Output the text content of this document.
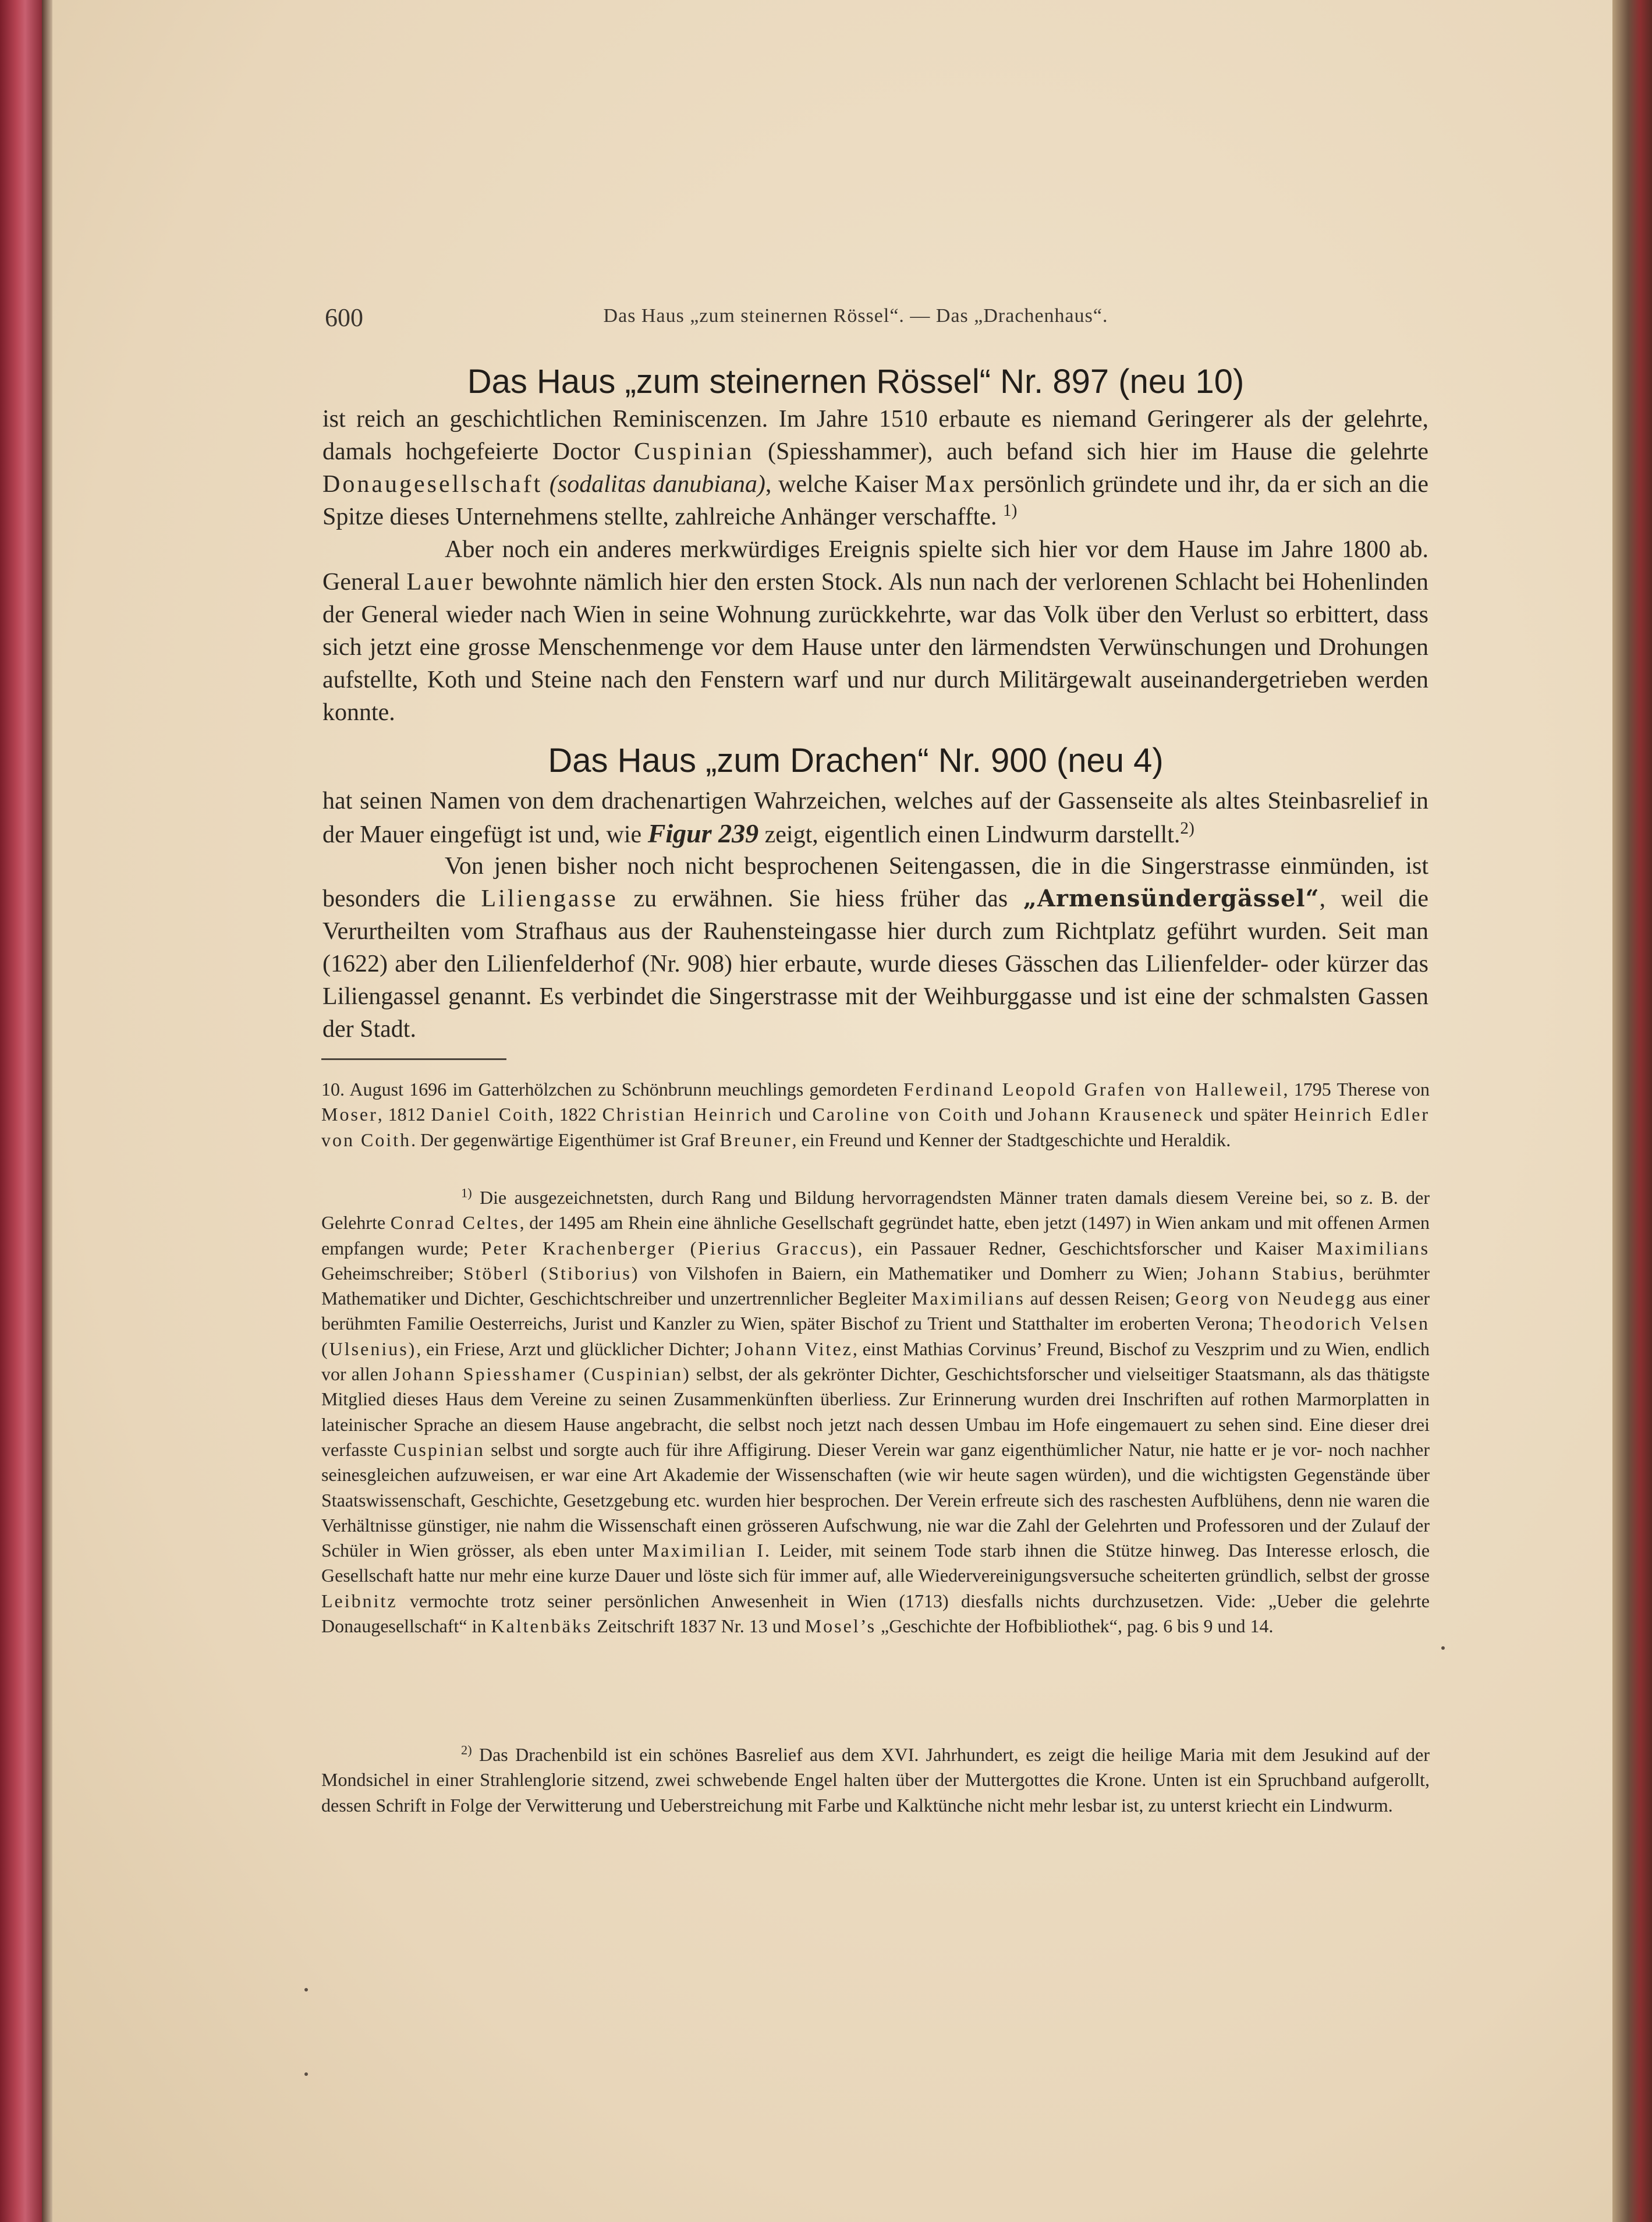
600	Das Haus „zum steinernen Rössel“. — Das „Drachenhaus“.
Das Haus „zum steinernen Rössel“ Nr. 897 (neu 10)

ist reich an geschichtlichen Reminiscenzen. Im Jahre 1510 erbaute es niemand Geringerer als der gelehrte, damals hochgefeierte Doctor Cuspinian (Spiesshammer), auch befand sich hier im Hause die gelehrte Donaugesellschaft (sodalitas danubiana), welche Kaiser Max persönlich gründete und ihr, da er sich an die Spitze dieses Unternehmens stellte, zahlreiche Anhänger verschaffte. $^{1)}$

Aber noch ein anderes merkwürdiges Ereignis spielte sich hier vor dem Hause im Jahre 1800 ab. General Lauer bewohnte nämlich hier den ersten Stock. Als nun nach der verlorenen Schlacht bei Hohenlinden der General wieder nach Wien in seine Wohnung zurückkehrte, war das Volk über den Verlust so erbittert, dass sich jetzt eine grosse Menschenmenge vor dem Hause unter den lärmendsten Verwünschungen und Drohungen aufstellte, Koth und Steine nach den Fenstern warf und nur durch Militärgewalt auseinandergetrieben werden konnte.

Das Haus „zum Drachen“ Nr. 900 (neu 4)

hat seinen Namen von dem drachenartigen Wahrzeichen, welches auf der Gassenseite als altes Steinbasrelief in der Mauer eingefügt ist und, wie Figur 239 zeigt, eigentlich einen Lindwurm darstellt.$^{2)}$

Von jenen bisher noch nicht besprochenen Seitengassen, die in die Singerstrasse einmünden, ist besonders die Liliengasse zu erwähnen. Sie hiess früher das „Armensündergässel“, weil die Verurtheilten vom Strafhaus aus der Rauhensteingasse hier durch zum Richtplatz geführt wurden. Seit man (1622) aber den Lilienfelderhof (Nr. 908) hier erbaute, wurde dieses Gässchen das Lilienfelder- oder kürzer das Liliengassel genannt. Es verbindet die Singerstrasse mit der Weihburggasse und ist eine der schmalsten Gassen der Stadt.

10. August 1696 im Gatterhölzchen zu Schönbrunn meuchlings gemordeten Ferdinand Leopold Grafen von Halleweil, 1795 Therese von Moser, 1812 Daniel Coith, 1822 Christian Heinrich und Caroline von Coith und Johann Krauseneck und später Heinrich Edler von Coith. Der gegenwärtige Eigenthümer ist Graf Breuner, ein Freund und Kenner der Stadtgeschichte und Heraldik.

$^{1)}$ Die ausgezeichnetsten, durch Rang und Bildung hervorragendsten Männer traten damals diesem Vereine bei, so z. B. der Gelehrte Conrad Celtes, der 1495 am Rhein eine ähnliche Gesellschaft gegründet hatte, eben jetzt (1497) in Wien ankam und mit offenen Armen empfangen wurde; Peter Krachenberger (Pierius Graccus), ein Passauer Redner, Geschichtsforscher und Kaiser Maximilians Geheimschreiber; Stöberl (Stiborius) von Vilshofen in Baiern, ein Mathematiker und Domherr zu Wien; Johann Stabius, berühmter Mathematiker und Dichter, Geschichtschreiber und unzertrennlicher Begleiter Maximilians auf dessen Reisen; Georg von Neudegg aus einer berühmten Familie Oesterreichs, Jurist und Kanzler zu Wien, später Bischof zu Trient und Statthalter im eroberten Verona; Theodorich Velsen (Ulsenius), ein Friese, Arzt und glücklicher Dichter; Johann Vitez, einst Mathias Corvinus’ Freund, Bischof zu Veszprim und zu Wien, endlich vor allen Johann Spiesshamer (Cuspinian) selbst, der als gekrönter Dichter, Geschichtsforscher und vielseitiger Staatsmann, als das thätigste Mitglied dieses Haus dem Vereine zu seinen Zusammenkünften überliess. Zur Erinnerung wurden drei Inschriften auf rothen Marmorplatten in lateinischer Sprache an diesem Hause angebracht, die selbst noch jetzt nach dessen Umbau im Hofe eingemauert zu sehen sind. Eine dieser drei verfasste Cuspinian selbst und sorgte auch für ihre Affigirung. Dieser Verein war ganz eigenthümlicher Natur, nie hatte er je vor- noch nachher seinesgleichen aufzuweisen, er war eine Art Akademie der Wissenschaften (wie wir heute sagen würden), und die wichtigsten Gegenstände über Staatswissenschaft, Geschichte, Gesetzgebung etc. wurden hier besprochen. Der Verein erfreute sich des raschesten Aufblühens, denn nie waren die Verhältnisse günstiger, nie nahm die Wissenschaft einen grösseren Aufschwung, nie war die Zahl der Gelehrten und Professoren und der Zulauf der Schüler in Wien grösser, als eben unter Maximilian I. Leider, mit seinem Tode starb ihnen die Stütze hinweg. Das Interesse erlosch, die Gesellschaft hatte nur mehr eine kurze Dauer und löste sich für immer auf, alle Wiedervereinigungsversuche scheiterten gründlich, selbst der grosse Leibnitz vermochte trotz seiner persönlichen Anwesenheit in Wien (1713) diesfalls nichts durchzusetzen. Vide: „Ueber die gelehrte Donaugesellschaft“ in Kaltenbäks Zeitschrift 1837 Nr. 13 und Mosel’s „Geschichte der Hofbibliothek“, pag. 6 bis 9 und 14.

$^{2)}$ Das Drachenbild ist ein schönes Basrelief aus dem XVI. Jahrhundert, es zeigt die heilige Maria mit dem Jesukind auf der Mondsichel in einer Strahlenglorie sitzend, zwei schwebende Engel halten über der Muttergottes die Krone. Unten ist ein Spruchband aufgerollt, dessen Schrift in Folge der Verwitterung und Ueberstreichung mit Farbe und Kalktünche nicht mehr lesbar ist, zu unterst kriecht ein Lindwurm.
